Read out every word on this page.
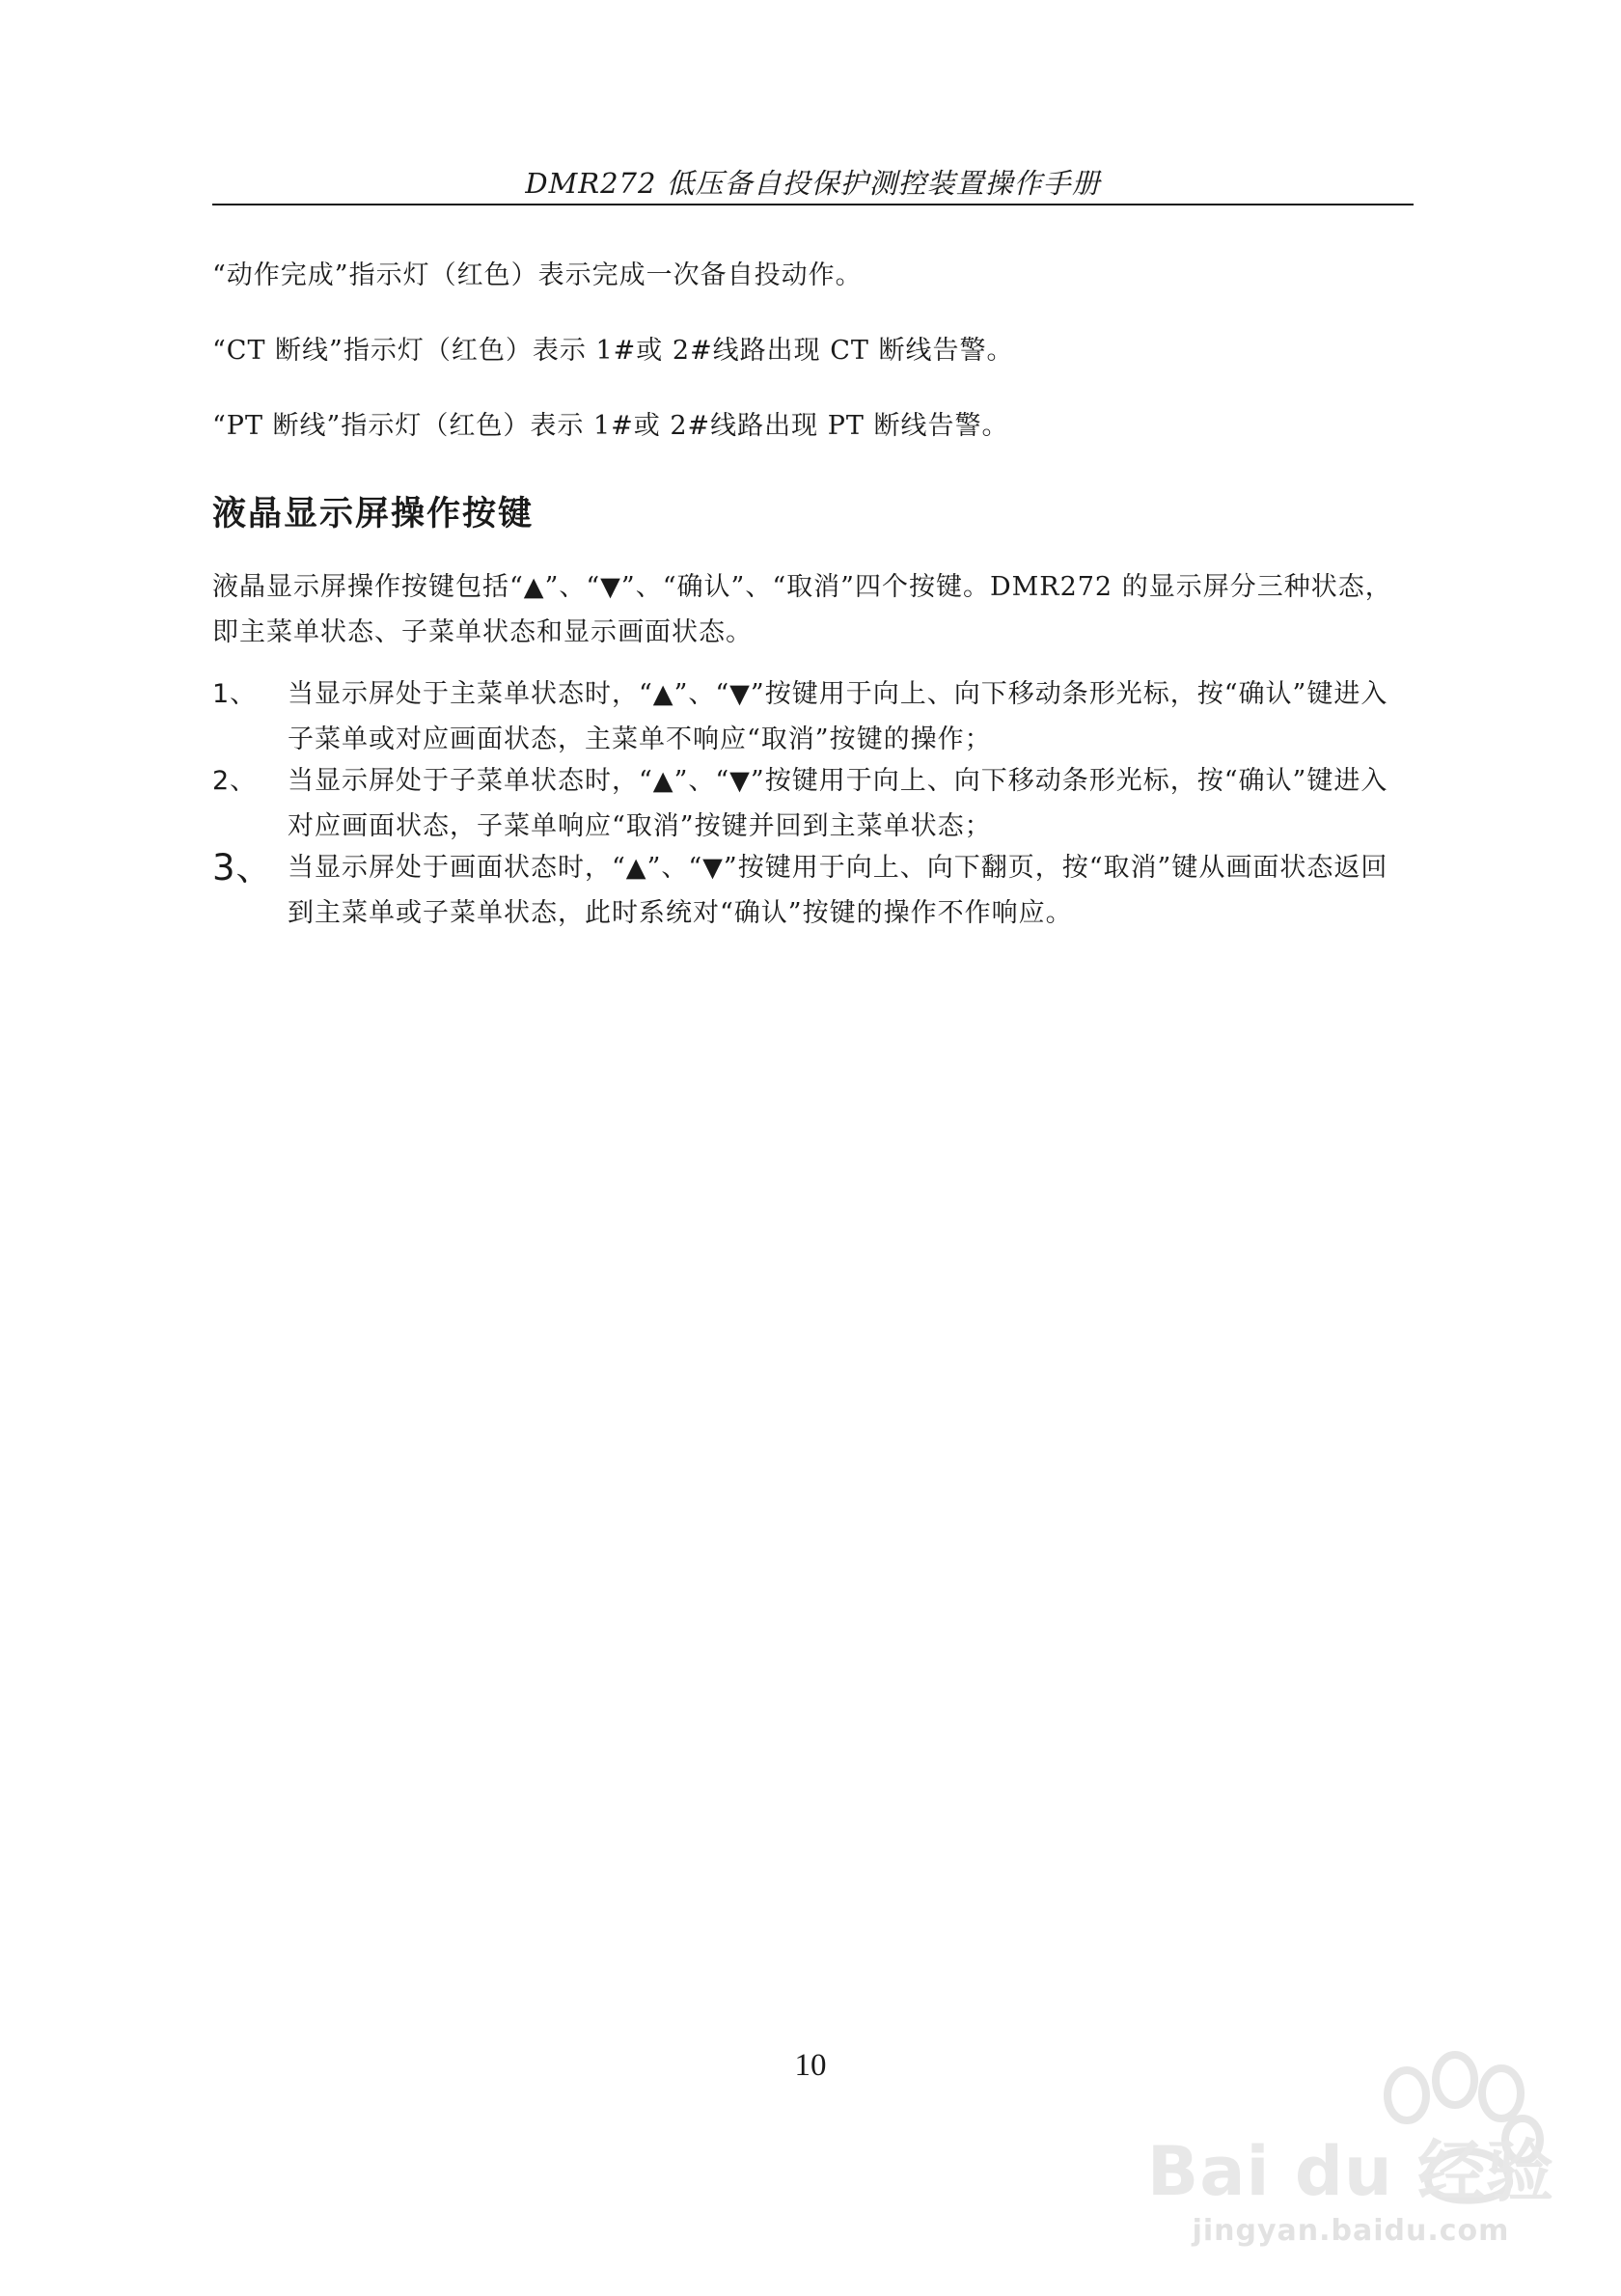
DMR272 低压备自投保护测控装置操作手册
“动作完成”指示灯（红色）表示完成一次备自投动作。
“CT 断线”指示灯（红色）表示 1#或 2#线路出现 CT 断线告警。
“PT 断线”指示灯（红色）表示 1#或 2#线路出现 PT 断线告警。
液晶显示屏操作按键
液晶显示屏操作按键包括“▲”、“▼”、“确认”、“取消”四个按键。DMR272 的显示屏分三种状态，即主菜单状态、子菜单状态和显示画面状态。
1、	当显示屏处于主菜单状态时，“▲”、“▼”按键用于向上、向下移动条形光标，按“确认”键进入子菜单或对应画面状态，主菜单不响应“取消”按键的操作；
2、	当显示屏处于子菜单状态时，“▲”、“▼”按键用于向上、向下移动条形光标，按“确认”键进入对应画面状态，子菜单响应“取消”按键并回到主菜单状态；
3、 当显示屏处于画面状态时，“▲”、“▼”按键用于向上、向下翻页，按“取消”键从画面状态返回到主菜单或子菜单状态，此时系统对“确认”按键的操作不作响应。
10
Bai du 经验
jingyan.baidu.com
